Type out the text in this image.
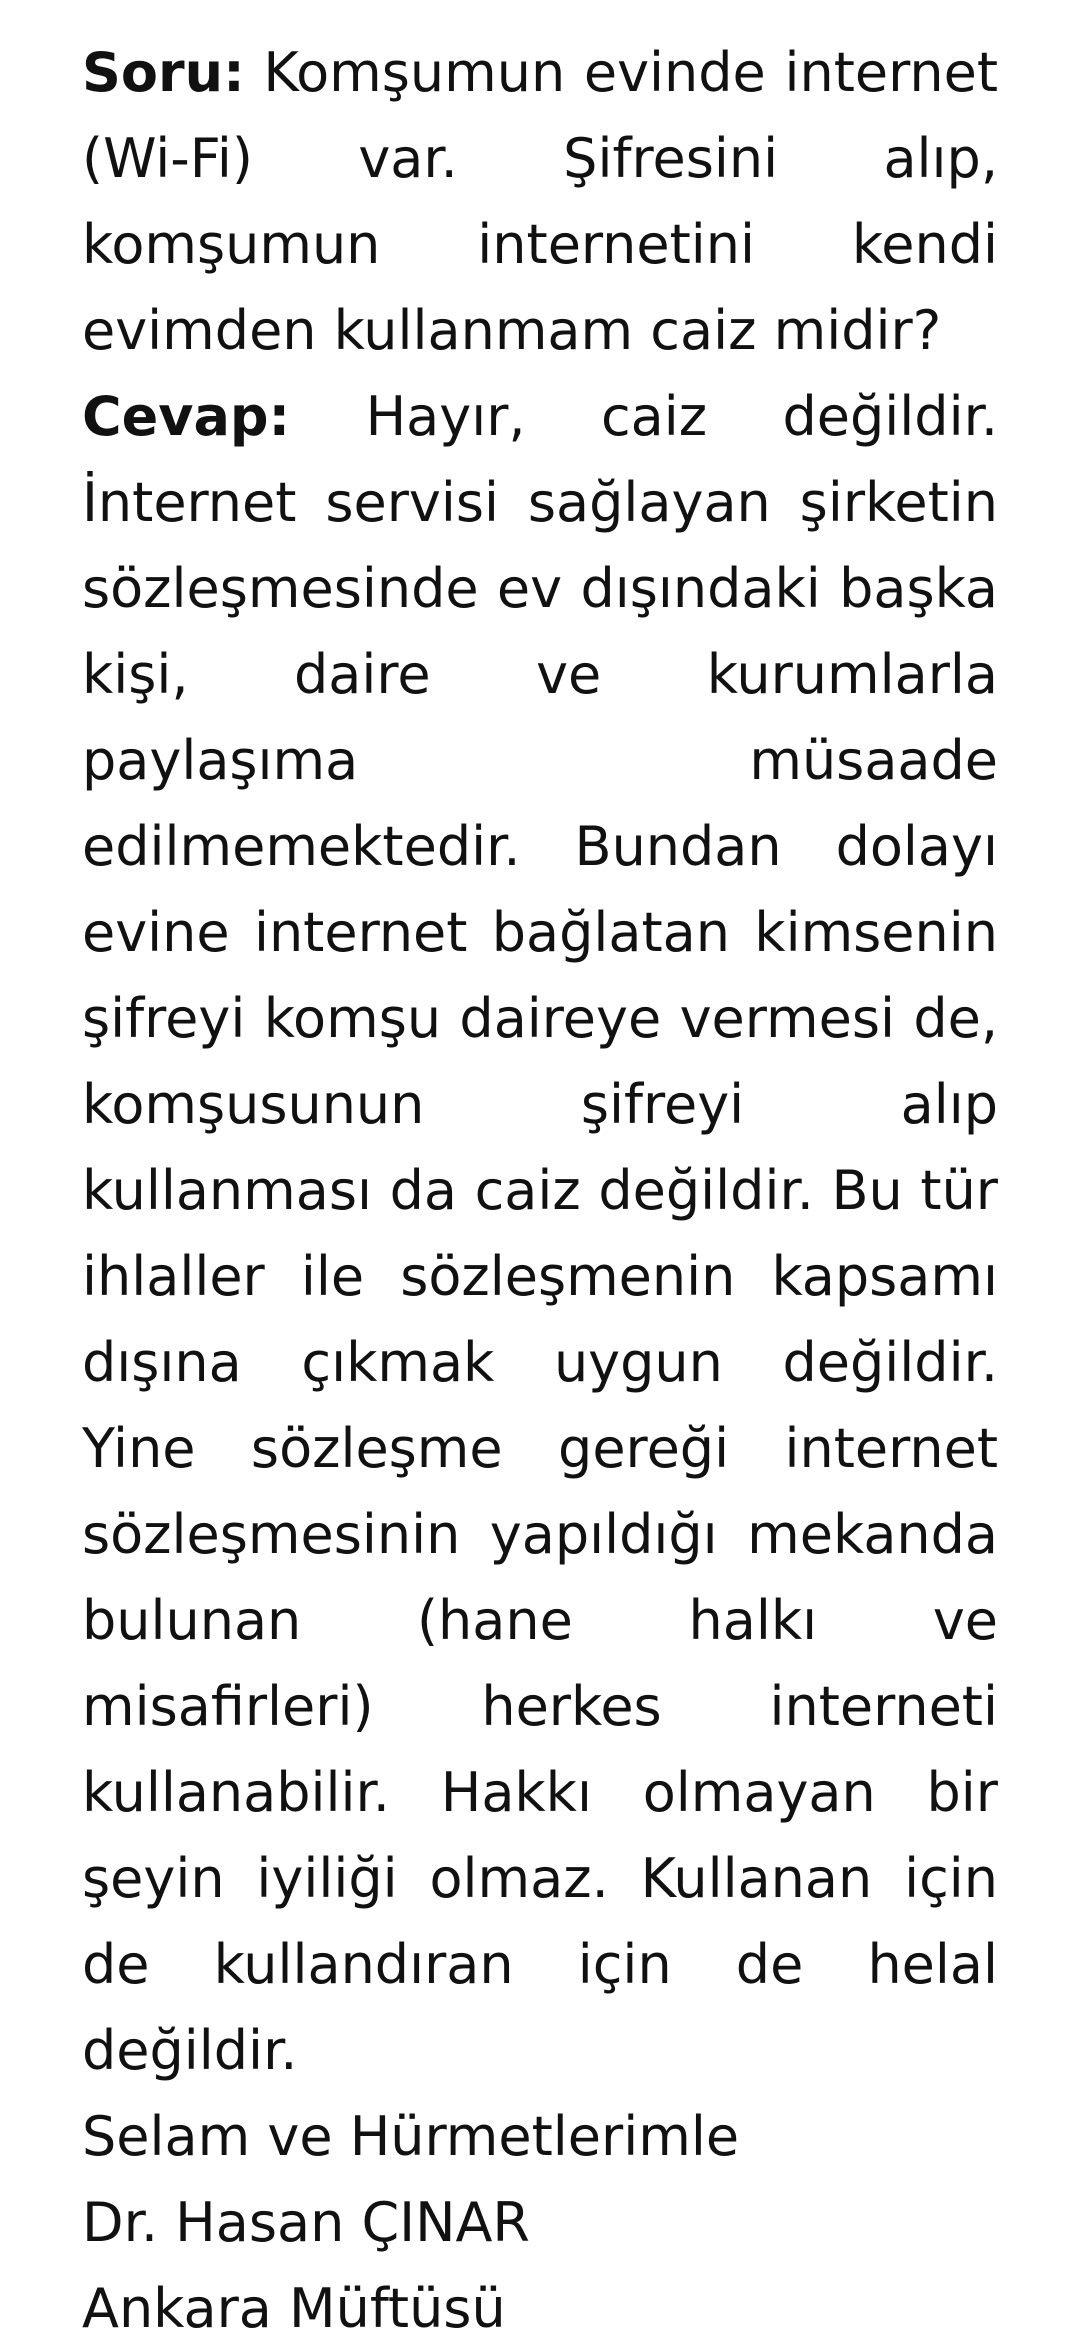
Soru: Komşumun evinde internet (Wi-Fi) var. Şifresini alıp, komşumun internetini kendi evimden kullanmam caiz midir?

Cevap: Hayır, caiz değildir. İnternet servisi sağlayan şirketin sözleşmesinde ev dışındaki başka kişi, daire ve kurumlarla paylaşıma müsaade edilmemektedir. Bundan dolayı evine internet bağlatan kimsenin şifreyi komşu daireye vermesi de, komşusunun şifreyi alıp kullanması da caiz değildir. Bu tür ihlaller ile sözleşmenin kapsamı dışına çıkmak uygun değildir. Yine sözleşme gereği internet sözleşmesinin yapıldığı mekanda bulunan (hane halkı ve misafirleri) herkes interneti kullanabilir. Hakkı olmayan bir şeyin iyiliği olmaz. Kullanan için de kullandıran için de helal değildir.

Selam ve Hürmetlerimle

Dr. Hasan ÇINAR

Ankara Müftüsü
